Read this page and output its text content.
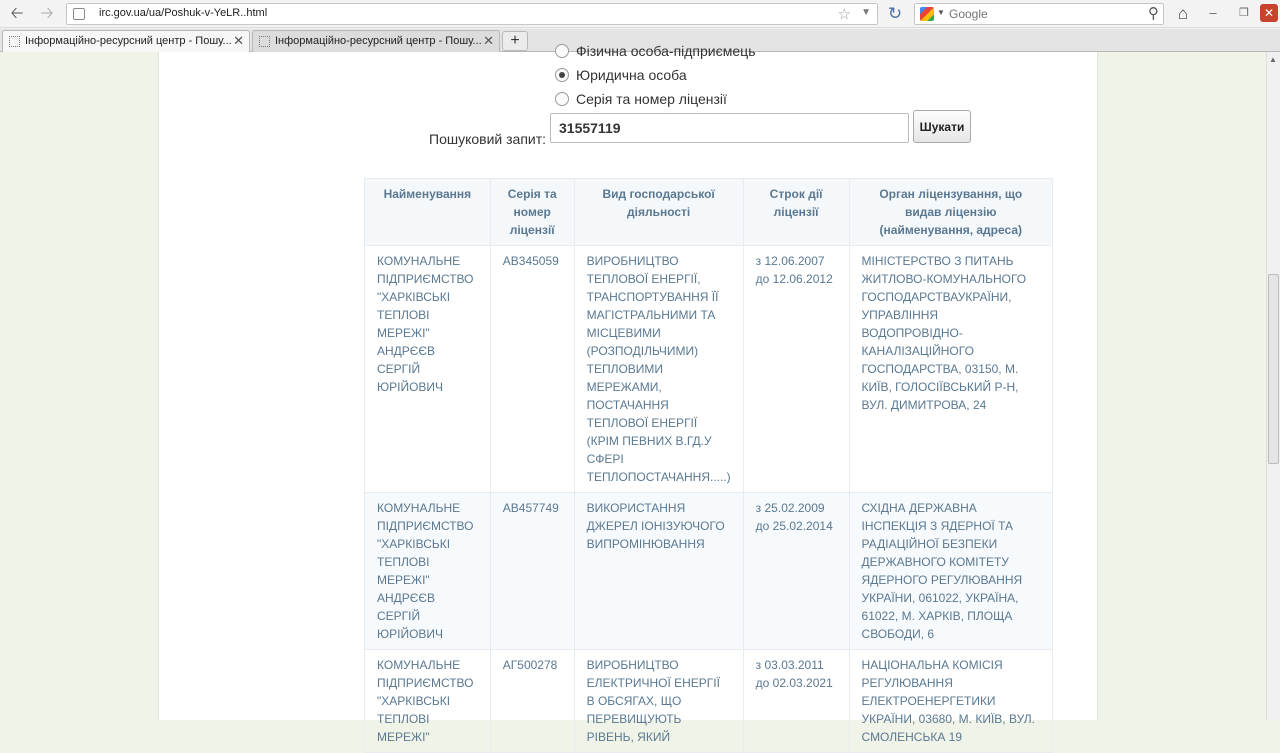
🡠 🡢	irc.gov.ua/ua/Poshuk-v-YeLR..html	☆ ▼ ↻	▼
Google	⚲	⌂	–	❐	✕
Інформаційно-ресурсний центр - Пошу... ✕	Інформаційно-ресурсний центр - Пошу... ✕	+
Фізична особа-підприємець
Юридична особа
Серія та номер ліцензії
Пошуковий запит:
31557119	Шукати
Найменування	Серія та номер ліцензії	Вид господарської діяльності	Строк дії ліцензії	Орган ліцензування, що видав ліцензію (найменування, адреса)
КОМУНАЛЬНЕ ПІДПРИЄМСТВО "ХАРКІВСЬКІ ТЕПЛОВІ МЕРЕЖІ" АНДРЄЄВ СЕРГІЙ ЮРІЙОВИЧ	АВ345059	ВИРОБНИЦТВО ТЕПЛОВОЇ ЕНЕРГІЇ, ТРАНСПОРТУВАННЯ ЇЇ МАГІСТРАЛЬНИМИ ТА МІСЦЕВИМИ (РОЗПОДІЛЬЧИМИ) ТЕПЛОВИМИ МЕРЕЖАМИ, ПОСТАЧАННЯ ТЕПЛОВОЇ ЕНЕРГІЇ (КРІМ ПЕВНИХ В.ГД.У СФЕРІ ТЕПЛОПОСТАЧАННЯ.....)	з 12.06.2007 до 12.06.2012	МІНІСТЕРСТВО З ПИТАНЬ ЖИТЛОВО-КОМУНАЛЬНОГО ГОСПОДАРСТВАУКРАЇНИ, УПРАВЛІННЯ ВОДОПРОВІДНО-КАНАЛІЗАЦІЙНОГО ГОСПОДАРСТВА, 03150, М. КИЇВ, ГОЛОСІЇВСЬКИЙ Р-Н, ВУЛ. ДИМИТРОВА, 24
КОМУНАЛЬНЕ ПІДПРИЄМСТВО "ХАРКІВСЬКІ ТЕПЛОВІ МЕРЕЖІ" АНДРЄЄВ СЕРГІЙ ЮРІЙОВИЧ	АВ457749	ВИКОРИСТАННЯ ДЖЕРЕЛ ІОНІЗУЮЧОГО ВИПРОМІНЮВАННЯ	з 25.02.2009 до 25.02.2014	СХІДНА ДЕРЖАВНА ІНСПЕКЦІЯ З ЯДЕРНОЇ ТА РАДІАЦІЙНОЇ БЕЗПЕКИ ДЕРЖАВНОГО КОМІТЕТУ ЯДЕРНОГО РЕГУЛЮВАННЯ УКРАЇНИ, 061022, УКРАЇНА, 61022, М. ХАРКІВ, ПЛОЩА СВОБОДИ, 6
КОМУНАЛЬНЕ ПІДПРИЄМСТВО "ХАРКІВСЬКІ ТЕПЛОВІ МЕРЕЖІ"	АГ500278	ВИРОБНИЦТВО ЕЛЕКТРИЧНОЇ ЕНЕРГІЇ В ОБСЯГАХ, ЩО ПЕРЕВИЩУЮТЬ РІВЕНЬ, ЯКИЙ	з 03.03.2011 до 02.03.2021	НАЦІОНАЛЬНА КОМІСІЯ РЕГУЛЮВАННЯ ЕЛЕКТРОЕНЕРГЕТИКИ УКРАЇНИ, 03680, М. КИЇВ, ВУЛ. СМОЛЕНСЬКА 19
▲
